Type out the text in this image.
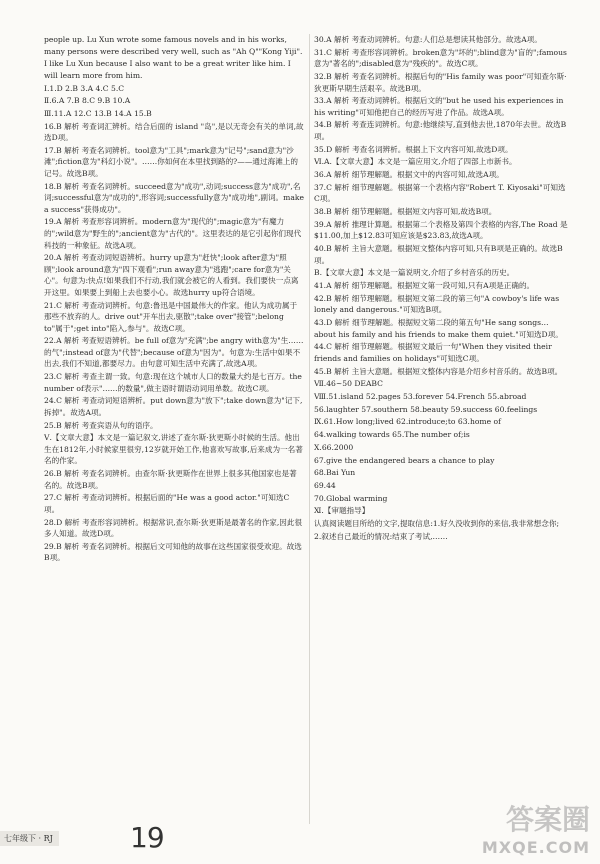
people up. Lu Xun wrote some famous novels and in his works, many persons were described very well, such as "Ah Q""Kong Yiji".

I like Lu Xun because I also want to be a great writer like him. I will learn more from him.

Ⅰ.1.D 2.B 3.A 4.C 5.C

Ⅱ.6.A 7.B 8.C 9.B 10.A

Ⅲ.11.A 12.C 13.B 14.A 15.B

16.B 解析 考查词汇辨析。结合后面的 island "岛",是以无奇会有关的单词,故选D项。

17.B 解析 考查名词辨析。tool意为"工具";mark意为"记号";sand意为"沙滩";fiction意为"科幻小说"。……你如何在本里找到路的?——通过海滩上的记号。故选B项。

18.B 解析 考查名词辨析。succeed意为"成功",动词;success意为"成功",名词;successful意为"成功的",形容词;successfully意为"成功地",副词。make a success"获得成功"。

19.A 解析 考查形容词辨析。modern意为"现代的";magic意为"有魔力的";wild意为"野生的";ancient意为"古代的"。这里表达的是它引起你们现代科技的一种象征。故选A项。

20.A 解析 考查动词短语辨析。hurry up意为"赶快";look after意为"照顾";look around意为"四下观看";run away意为"逃跑";care for意为"关心"。句意为:快点!如果我们不行动,我们就会被它的人看到。我们要快一点离开这里。如果要上到船上去也要小心。故选hurry up符合语境。

21.C 解析 考查动词辨析。句意:鲁迅是中国最伟大的作家。他认为成功属于那些不放弃的人。drive out"开车出去,驱散";take over"接管";belong to"属于";get into"陷入,参与"。故选C项。

22.A 解析 考查短语辨析。be full of意为"充满";be angry with意为"生……的气";instead of意为"代替";because of意为"因为"。句意为:生活中如果不出去,我们不知道,都要尽力。由句意可知生活中充满了,故选A项。

23.C 解析 考查主谓一致。句意:现在这个城市人口的数量大约是七百万。the number of表示"……的数量",做主语时谓语动词用单数。故选C项。

24.C 解析 考查动词短语辨析。put down意为"放下";take down意为"记下,拆掉"。故选A项。

25.B 解析 考查宾语从句的语序。

Ⅴ.【文章大意】本文是一篇记叙文,讲述了查尔斯·狄更斯小时候的生活。他出生在1812年,小时候家里很穷,12岁就开始工作,他喜欢写故事,后来成为一名著名的作家。

26.B 解析 考查名词辨析。由查尔斯·狄更斯作在世界上很多其他国家也是著名的。故选B项。

27.C 解析 考查动词辨析。根据后面的"He was a good actor."可知选C项。

28.D 解析 考查形容词辨析。根据常识,查尔斯·狄更斯是最著名的作家,因此很多人知道。故选D项。

29.B 解析 考查名词辨析。根据后文可知他的故事在这些国家很受欢迎。故选B项。

30.A 解析 考查动词辨析。句意:人们总是想读其他部分。故选A项。

31.C 解析 考查形容词辨析。broken意为"坏的";blind意为"盲的";famous意为"著名的";disabled意为"残疾的"。故选C项。

32.B 解析 考查名词辨析。根据后句的"His family was poor"可知查尔斯·狄更斯早期生活艰辛。故选B项。

33.A 解析 考查动词辨析。根据后文的"but he used his experiences in his writing"可知他把自己的经历写进了作品。故选A项。

34.B 解析 考查连词辨析。句意:他继续写,直到他去世,1870年去世。故选B项。

35.D 解析 考查名词辨析。根据上下文内容可知,故选D项。

Ⅵ.A.【文章大意】本文是一篇应用文,介绍了四部上市新书。

36.A 解析 细节理解题。根据文中的内容可知,故选A项。

37.C 解析 细节理解题。根据第一个表格内容"Robert T. Kiyosaki"可知选C项。

38.B 解析 细节理解题。根据短文内容可知,故选B项。

39.A 解析 推理计算题。根据第二个表格及第四个表格的内容,The Road 是$11.00,加上$12.83可知应该是$23.83,故选A项。

40.B 解析 主旨大意题。根据短文整体内容可知,只有B项是正确的。故选B项。

B.【文章大意】本文是一篇说明文,介绍了乡村音乐的历史。

41.A 解析 细节理解题。根据短文第一段可知,只有A项是正确的。

42.B 解析 细节理解题。根据短文第二段的第三句"A cowboy's life was lonely and dangerous."可知选B项。

43.D 解析 细节理解题。根据短文第二段的第五句"He sang songs…about his family and his friends to make them quiet."可知选D项。

44.C 解析 细节理解题。根据短文最后一句"When they visited their friends and families on holidays"可知选C项。

45.B 解析 主旨大意题。根据短文整体内容是介绍乡村音乐的。故选B项。

Ⅶ.46~50 DEABC

Ⅷ.51.island 52.pages 53.forever 54.French 55.abroad

56.laughter 57.southern 58.beauty 59.success 60.feelings

Ⅸ.61.How long;lived 62.introduce;to 63.home of

64.walking towards 65.The number of;is

Ⅹ.66.2000

67.give the endangered bears a chance to play

68.Bai Yun

69.44

70.Global warming

Ⅺ.【审题指导】

认真阅读题目所给的文字,提取信息:1.好久没收到你的来信,我非常想念你;

2.叙述自己最近的情况:结束了考试,……

七年级下 · RJ	19
答案圈
MXQE.COM
